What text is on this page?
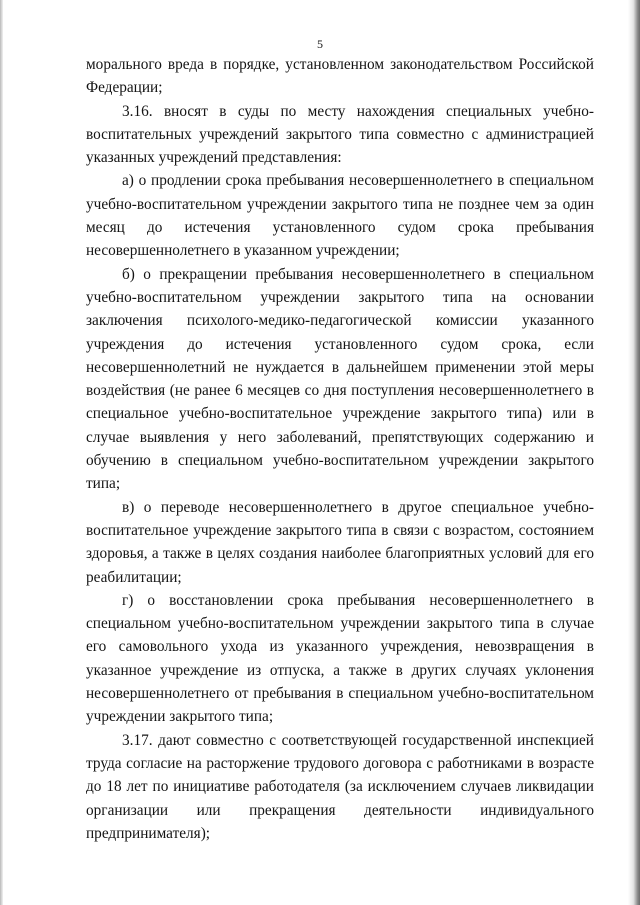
5

морального вреда в порядке, установленном законодательством Российской Федерации;

3.16. вносят в суды по месту нахождения специальных учебно-воспитательных учреждений закрытого типа совместно с администрацией указанных учреждений представления:

а) о продлении срока пребывания несовершеннолетнего в специальном учебно-воспитательном учреждении закрытого типа не позднее чем за один месяц до истечения установленного судом срока пребывания несовершеннолетнего в указанном учреждении;

б) о прекращении пребывания несовершеннолетнего в специальном учебно-воспитательном учреждении закрытого типа на основании заключения психолого-медико-педагогической комиссии указанного учреждения до истечения установленного судом срока, если несовершеннолетний не нуждается в дальнейшем применении этой меры воздействия (не ранее 6 месяцев со дня поступления несовершеннолетнего в специальное учебно-воспитательное учреждение закрытого типа) или в случае выявления у него заболеваний, препятствующих содержанию и обучению в специальном учебно-воспитательном учреждении закрытого типа;

в) о переводе несовершеннолетнего в другое специальное учебно-воспитательное учреждение закрытого типа в связи с возрастом, состоянием здоровья, а также в целях создания наиболее благоприятных условий для его реабилитации;

г) о восстановлении срока пребывания несовершеннолетнего в специальном учебно-воспитательном учреждении закрытого типа в случае его самовольного ухода из указанного учреждения, невозвращения в указанное учреждение из отпуска, а также в других случаях уклонения несовершеннолетнего от пребывания в специальном учебно-воспитательном учреждении закрытого типа;

3.17. дают совместно с соответствующей государственной инспекцией труда согласие на расторжение трудового договора с работниками в возрасте до 18 лет по инициативе работодателя (за исключением случаев ликвидации организации или прекращения деятельности индивидуального предпринимателя);
